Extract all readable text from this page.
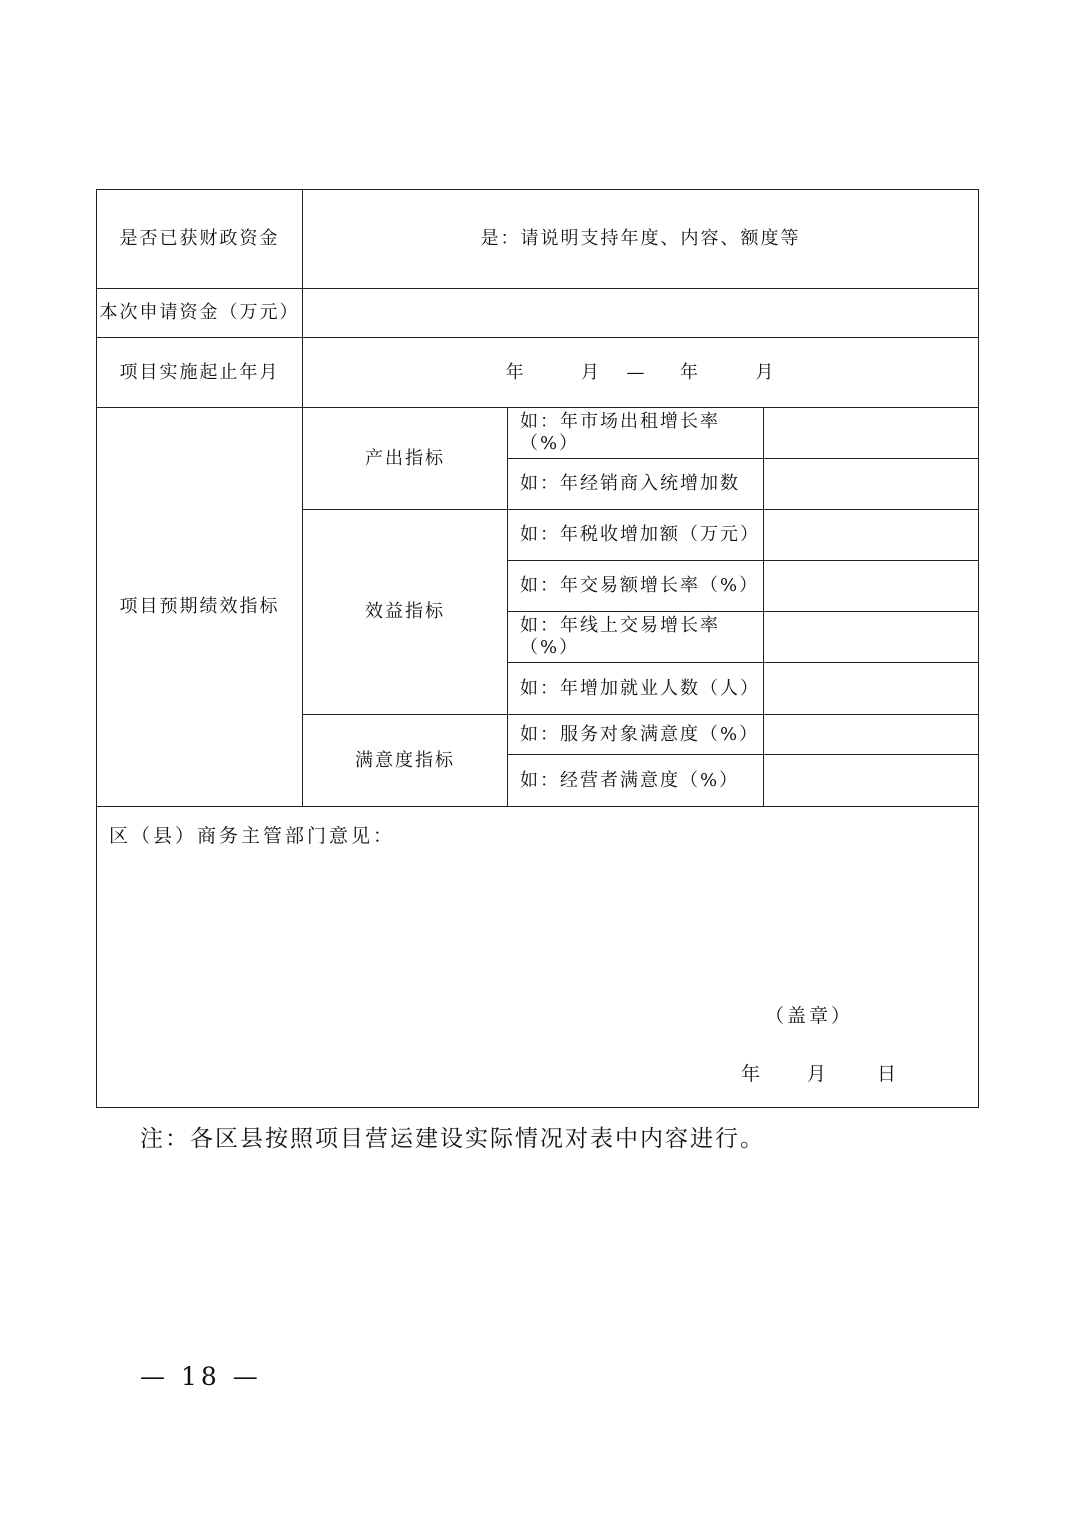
是否已获财政资金	是：请说明支持年度、内容、额度等		
本次申请资金（万元）			
项目实施起止年月	年 月 — 年 月		
项目预期绩效指标	产出指标	如：年市场出租增长率（%）	
		如：年经销商入统增加数	
	效益指标	如：年税收增加额（万元）	
		如：年交易额增长率（%）	
		如：年线上交易增长率（%）	
		如：年增加就业人数（人）	
	满意度指标	如：服务对象满意度（%）	
		如：经营者满意度（%）	

区（县）商务主管部门意见：
（盖章）
年 月 日			
注：各区县按照项目营运建设实际情况对表中内容进行。
— 18 —
